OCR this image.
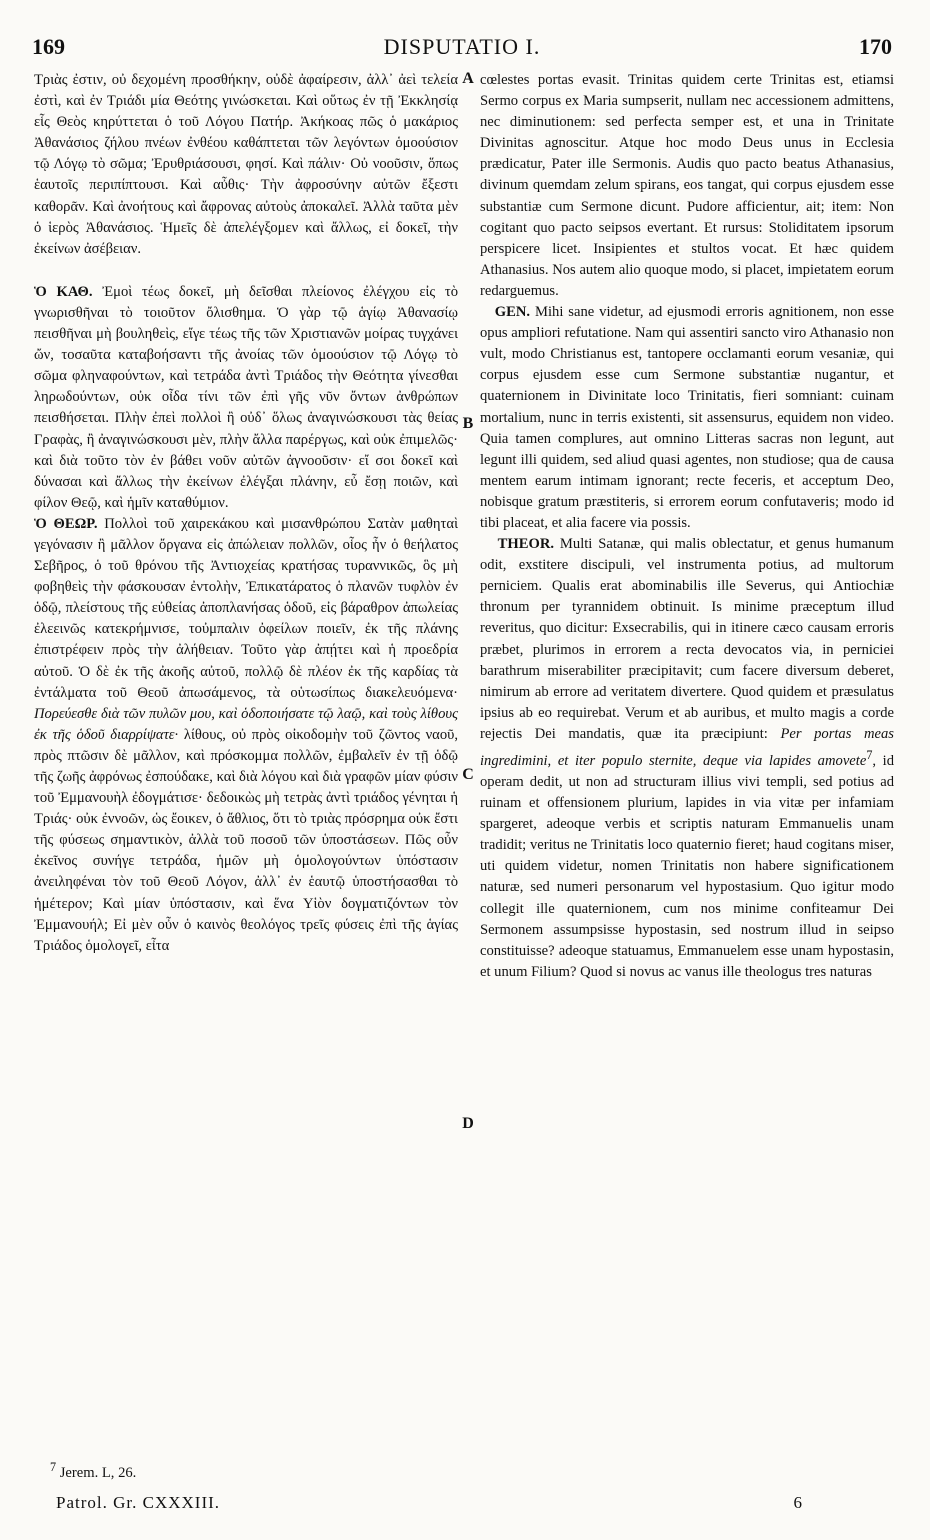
169	DISPUTATIO I.	170
A
B
C
D

Τριὰς ἐστιν, οὐ δεχομένη προσθήκην, οὐδὲ ἀφαίρεσιν, ἀλλ᾽ ἀεὶ τελεία ἐστὶ, καὶ ἐν Τριάδι μία Θεότης γινώσκεται. Καὶ οὕτως ἐν τῇ Ἐκκλησίᾳ εἷς Θεὸς κηρύττεται ὁ τοῦ Λόγου Πατήρ. Ἀκήκοας πῶς ὁ μακάριος Ἀθανάσιος ζήλου πνέων ἐνθέου καθάπτεται τῶν λεγόντων ὁμοούσιον τῷ Λόγῳ τὸ σῶμα; Ἐρυθριάσουσι, φησί. Καὶ πάλιν· Οὐ νοοῦσιν, ὅπως ἑαυτοῖς περιπίπτουσι. Καὶ αὖθις· Τὴν ἀφροσύνην αὐτῶν ἔξεστι καθορᾶν. Καὶ ἀνοήτους καὶ ἄφρονας αὐτοὺς ἀποκαλεῖ. Ἀλλὰ ταῦτα μὲν ὁ ἱερὸς Ἀθανάσιος. Ἡμεῖς δὲ ἀπελέγξομεν καὶ ἄλλως, εἰ δοκεῖ, τὴν ἐκείνων ἀσέβειαν.

Ὁ ΚΑΘ. Ἐμοὶ τέως δοκεῖ, μὴ δεῖσθαι πλείονος ἐλέγχου εἰς τὸ γνωρισθῆναι τὸ τοιοῦτον ὄλισθημα. Ὁ γὰρ τῷ ἁγίῳ Ἀθανασίῳ πεισθῆναι μὴ βουληθεὶς, εἴγε τέως τῆς τῶν Χριστιανῶν μοίρας τυγχάνει ὤν, τοσαῦτα καταβοήσαντι τῆς ἀνοίας τῶν ὁμοούσιον τῷ Λόγῳ τὸ σῶμα φληναφούντων, καὶ τετράδα ἀντὶ Τριάδος τὴν Θεότητα γίνεσθαι ληρωδούντων, οὐκ οἶδα τίνι τῶν ἐπὶ γῆς νῦν ὄντων ἀνθρώπων πεισθήσεται. Πλὴν ἐπεὶ πολλοὶ ἢ οὐδ᾽ ὅλως ἀναγινώσκουσι τὰς θείας Γραφὰς, ἢ ἀναγινώσκουσι μὲν, πλὴν ἄλλα παρέργως, καὶ οὐκ ἐπιμελῶς· καὶ διὰ τοῦτο τὸν ἐν βάθει νοῦν αὐτῶν ἀγνοοῦσιν· εἴ σοι δοκεῖ καὶ δύνασαι καὶ ἄλλως τὴν ἐκείνων ἐλέγξαι πλάνην, εὖ ἔσῃ ποιῶν, καὶ φίλον Θεῷ, καὶ ἡμῖν καταθύμιον.

Ὁ ΘΕΩΡ. Πολλοὶ τοῦ χαιρεκάκου καὶ μισανθρώπου Σατὰν μαθηταὶ γεγόνασιν ἢ μᾶλλον ὄργανα εἰς ἀπώλειαν πολλῶν, οἷος ἦν ὁ θεήλατος Σεβῆρος, ὁ τοῦ θρόνου τῆς Ἀντιοχείας κρατήσας τυραννικῶς, ὃς μὴ φοβηθεὶς τὴν φάσκουσαν ἐντολὴν, Ἐπικατάρατος ὁ πλανῶν τυφλὸν ἐν ὁδῷ, πλείστους τῆς εὐθείας ἀποπλανήσας ὁδοῦ, εἰς βάραθρον ἀπωλείας ἐλεεινῶς κατεκρήμνισε, τοὐμπαλιν ὀφείλων ποιεῖν, ἐκ τῆς πλάνης ἐπιστρέφειν πρὸς τὴν ἀλήθειαν. Τοῦτο γὰρ ἀπῄτει καὶ ἡ προεδρία αὐτοῦ. Ὁ δὲ ἐκ τῆς ἀκοῆς αὐτοῦ, πολλῷ δὲ πλέον ἐκ τῆς καρδίας τὰ ἐντάλματα τοῦ Θεοῦ ἀπωσάμενος, τὰ οὑτωσίπως διακελευόμενα· Πορεύεσθε διὰ τῶν πυλῶν μου, καὶ ὁδοποιήσατε τῷ λαῷ, καὶ τοὺς λίθους ἐκ τῆς ὁδοῦ διαρρίψατε· λίθους, οὐ πρὸς οἰκοδομὴν τοῦ ζῶντος ναοῦ, πρὸς πτῶσιν δὲ μᾶλλον, καὶ πρόσκομμα πολλῶν, ἐμβαλεῖν ἐν τῇ ὁδῷ τῆς ζωῆς ἀφρόνως ἐσπούδακε, καὶ διὰ λόγου καὶ διὰ γραφῶν μίαν φύσιν τοῦ Ἐμμανουὴλ ἐδογμάτισε· δεδοικὼς μὴ τετρὰς ἀντὶ τριάδος γένηται ἡ Τριάς· οὐκ ἐννοῶν, ὡς ἔοικεν, ὁ ἄθλιος, ὅτι τὸ τριὰς πρόσρημα οὐκ ἔστι τῆς φύσεως σημαντικὸν, ἀλλὰ τοῦ ποσοῦ τῶν ὑποστάσεων. Πῶς οὖν ἐκεῖνος συνήγε τετράδα, ἡμῶν μὴ ὁμολογούντων ὑπόστασιν ἀνειληφέναι τὸν τοῦ Θεοῦ Λόγον, ἀλλ᾽ ἐν ἑαυτῷ ὑποστήσασθαι τὸ ἡμέτερον; Καὶ μίαν ὑπόστασιν, καὶ ἕνα Υἱὸν δογματιζόντων τὸν Ἐμμανουήλ; Εἰ μὲν οὖν ὁ καινὸς θεολόγος τρεῖς φύσεις ἐπὶ τῆς ἁγίας Τριάδος ὁμολογεῖ, εἶτα

cœlestes portas evasit. Trinitas quidem certe Trinitas est, etiamsi Sermo corpus ex Maria sumpserit, nullam nec accessionem admittens, nec diminutionem: sed perfecta semper est, et una in Trinitate Divinitas agnoscitur. Atque hoc modo Deus unus in Ecclesia prædicatur, Pater ille Sermonis. Audis quo pacto beatus Athanasius, divinum quemdam zelum spirans, eos tangat, qui corpus ejusdem esse substantiæ cum Sermone dicunt. Pudore afficientur, ait; item: Non cogitant quo pacto seipsos evertant. Et rursus: Stoliditatem ipsorum perspicere licet. Insipientes et stultos vocat. Et hæc quidem Athanasius. Nos autem alio quoque modo, si placet, impietatem eorum redarguemus.

GEN. Mihi sane videtur, ad ejusmodi erroris agnitionem, non esse opus ampliori refutatione. Nam qui assentiri sancto viro Athanasio non vult, modo Christianus est, tantopere occlamanti eorum vesaniæ, qui corpus ejusdem esse cum Sermone substantiæ nugantur, et quaternionem in Divinitate loco Trinitatis, fieri somniant: cuinam mortalium, nunc in terris existenti, sit assensurus, equidem non video. Quia tamen complures, aut omnino Litteras sacras non legunt, aut legunt illi quidem, sed aliud quasi agentes, non studiose; qua de causa mentem earum intimam ignorant; recte feceris, et acceptum Deo, nobisque gratum præstiteris, si errorem eorum confutaveris; modo id tibi placeat, et alia facere via possis.

THEOR. Multi Satanæ, qui malis oblectatur, et genus humanum odit, exstitere discipuli, vel instrumenta potius, ad multorum perniciem. Qualis erat abominabilis ille Severus, qui Antiochiæ thronum per tyrannidem obtinuit. Is minime præceptum illud reveritus, quo dicitur: Exsecrabilis, qui in itinere cæco causam erroris præbet, plurimos in errorem a recta devocatos via, in perniciei barathrum miserabiliter præcipitavit; cum facere diversum deberet, nimirum ab errore ad veritatem divertere. Quod quidem et præsulatus ipsius ab eo requirebat. Verum et ab auribus, et multo magis a corde rejectis Dei mandatis, quæ ita præcipiunt: Per portas meas ingredimini, et iter populo sternite, deque via lapides amovete$^7$, id operam dedit, ut non ad structuram illius vivi templi, sed potius ad ruinam et offensionem plurium, lapides in via vitæ per infamiam spargeret, adeoque verbis et scriptis naturam Emmanuelis unam tradidit; veritus ne Trinitatis loco quaternio fieret; haud cogitans miser, uti quidem videtur, nomen Trinitatis non habere significationem naturæ, sed numeri personarum vel hypostasium. Quo igitur modo collegit ille quaternionem, cum nos minime confiteamur Dei Sermonem assumpsisse hypostasin, sed nostrum illud in seipso constituisse? adeoque statuamus, Emmanuelem esse unam hypostasin, et unum Filium? Quod si novus ac vanus ille theologus tres naturas

$^7$ Jerem. L, 26.
Patrol. Gr. CXXXIII.	6
